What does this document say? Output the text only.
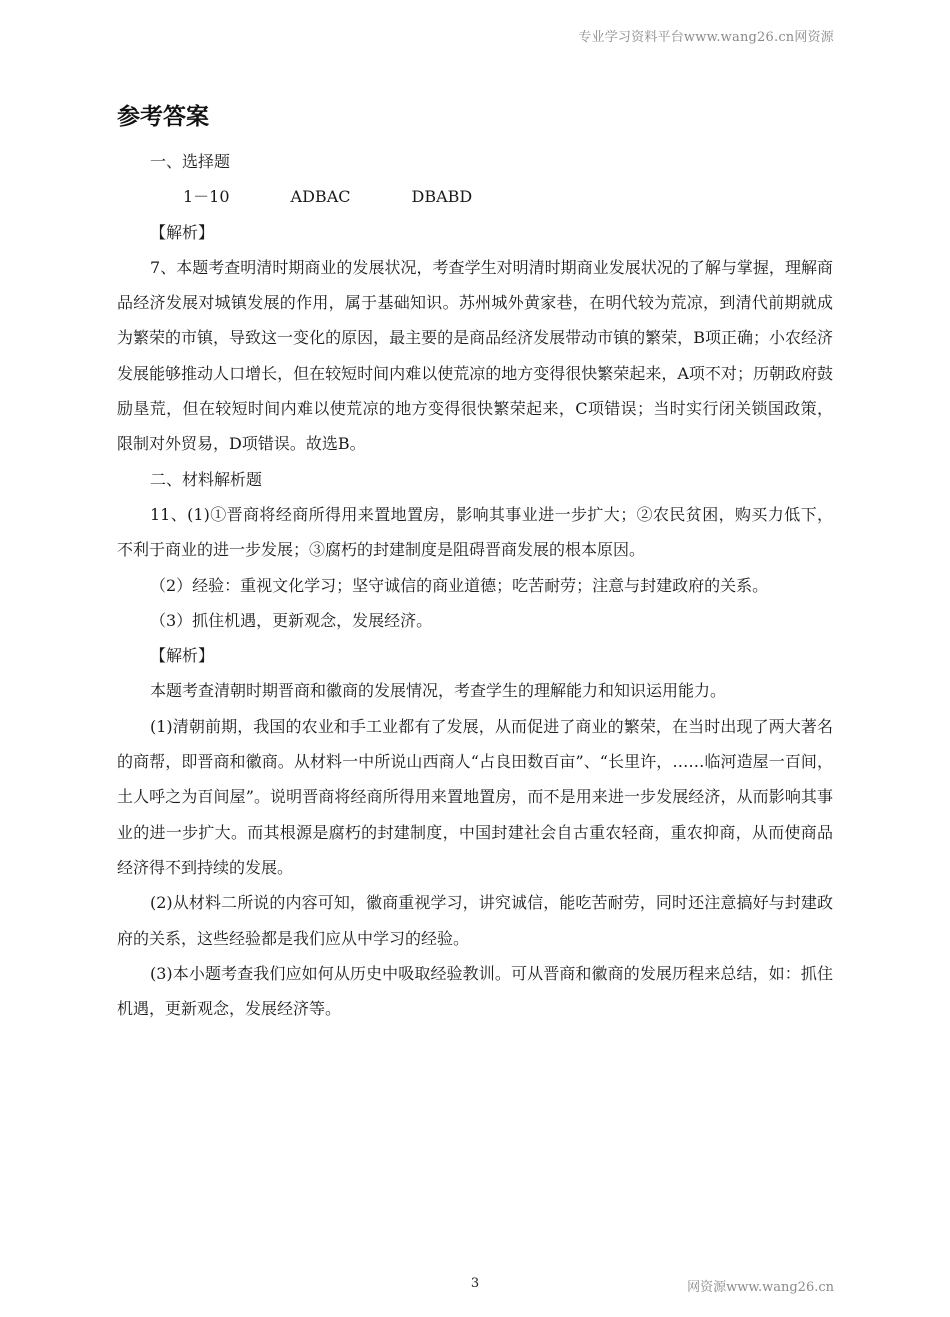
专业学习资料平台www.wang26.cn网资源
参考答案

一、选择题

1－10	ADBAC	DBABD

【解析】

7、本题考查明清时期商业的发展状况，考查学生对明清时期商业发展状况的了解与掌握，理解商品经济发展对城镇发展的作用，属于基础知识。苏州城外黄家巷，在明代较为荒凉，到清代前期就成为繁荣的市镇，导致这一变化的原因，最主要的是商品经济发展带动市镇的繁荣，B项正确；小农经济发展能够推动人口增长，但在较短时间内难以使荒凉的地方变得很快繁荣起来，A项不对；历朝政府鼓励垦荒，但在较短时间内难以使荒凉的地方变得很快繁荣起来，C项错误；当时实行闭关锁国政策，限制对外贸易，D项错误。故选B。

二、材料解析题

11、(1)①晋商将经商所得用来置地置房，影响其事业进一步扩大；②农民贫困，购买力低下，不利于商业的进一步发展；③腐朽的封建制度是阻碍晋商发展的根本原因。

（2）经验：重视文化学习；坚守诚信的商业道德；吃苦耐劳；注意与封建政府的关系。

（3）抓住机遇，更新观念，发展经济。

【解析】

本题考查清朝时期晋商和徽商的发展情况，考查学生的理解能力和知识运用能力。

(1)清朝前期，我国的农业和手工业都有了发展，从而促进了商业的繁荣，在当时出现了两大著名的商帮，即晋商和徽商。从材料一中所说山西商人“占良田数百亩”、“长里许，……临河造屋一百间，土人呼之为百间屋”。说明晋商将经商所得用来置地置房，而不是用来进一步发展经济，从而影响其事业的进一步扩大。而其根源是腐朽的封建制度，中国封建社会自古重农轻商，重农抑商，从而使商品经济得不到持续的发展。

(2)从材料二所说的内容可知，徽商重视学习，讲究诚信，能吃苦耐劳，同时还注意搞好与封建政府的关系，这些经验都是我们应从中学习的经验。

(3)本小题考查我们应如何从历史中吸取经验教训。可从晋商和徽商的发展历程来总结，如：抓住机遇，更新观念，发展经济等。

3	网资源www.wang26.cn
